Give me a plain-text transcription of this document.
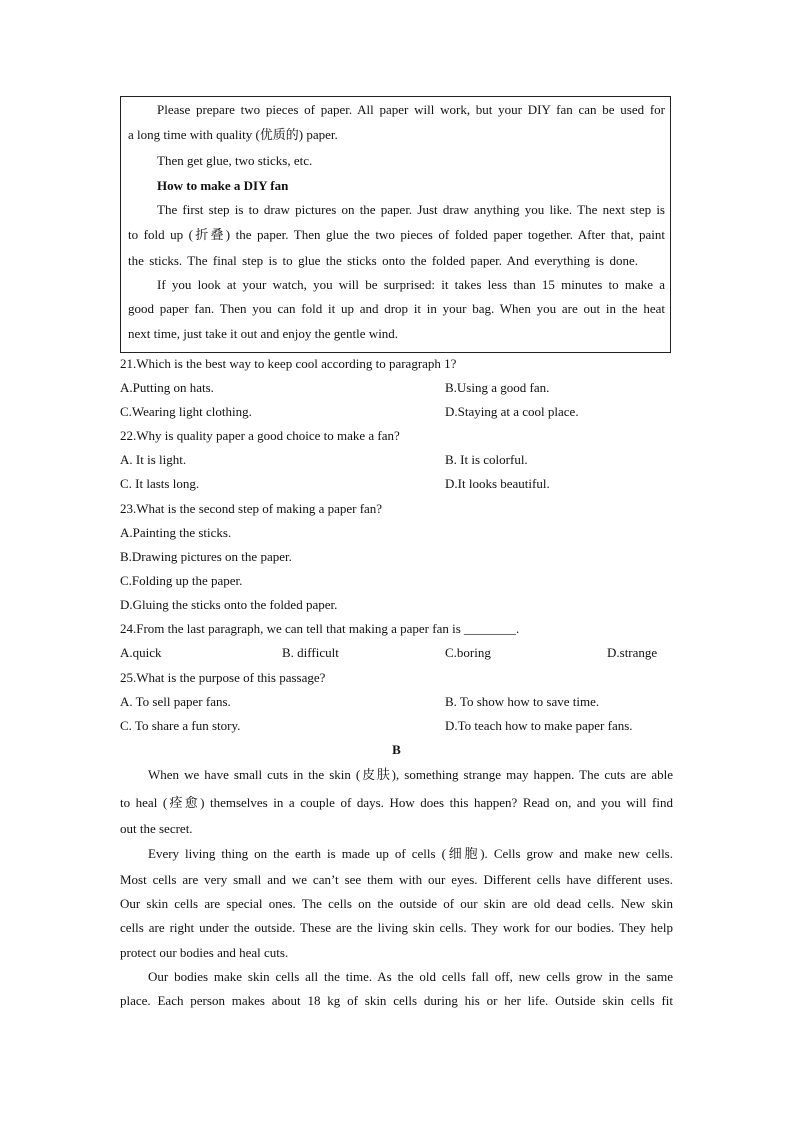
Please prepare two pieces of paper. All paper will work, but your DIY fan can be used for
a long time with quality (优质的) paper.
Then get glue, two sticks, etc.
How to make a DIY fan
The first step is to draw pictures on the paper. Just draw anything you like. The next step is
to fold up (折叠) the paper. Then glue the two pieces of folded paper together. After that, paint
the sticks. The final step is to glue the sticks onto the folded paper. And everything is done.
If you look at your watch, you will be surprised: it takes less than 15 minutes to make a
good paper fan. Then you can fold it up and drop it in your bag. When you are out in the heat
next time, just take it out and enjoy the gentle wind.
21.Which is the best way to keep cool according to paragraph 1?
A.Putting on hats.	B.Using a good fan.
C.Wearing light clothing.	D.Staying at a cool place.
22.Why is quality paper a good choice to make a fan?
A. It is light.	B. It is colorful.
C. It lasts long.	D.It looks beautiful.
23.What is the second step of making a paper fan?
A.Painting the sticks.
B.Drawing pictures on the paper.
C.Folding up the paper.
D.Gluing the sticks onto the folded paper.
24.From the last paragraph, we can tell that making a paper fan is ________.
A.quick	B. difficult	C.boring	D.strange
25.What is the purpose of this passage?
A. To sell paper fans.	B. To show how to save time.
C. To share a fun story.	D.To teach how to make paper fans.
B
When we have small cuts in the skin (皮肤), something strange may happen. The cuts are able
to heal (痊愈) themselves in a couple of days. How does this happen? Read on, and you will find
out the secret.
Every living thing on the earth is made up of cells (细胞). Cells grow and make new cells.
Most cells are very small and we can’t see them with our eyes. Different cells have different uses.
Our skin cells are special ones. The cells on the outside of our skin are old dead cells. New skin
cells are right under the outside. These are the living skin cells. They work for our bodies. They help
protect our bodies and heal cuts.
Our bodies make skin cells all the time. As the old cells fall off, new cells grow in the same
place. Each person makes about 18 kg of skin cells during his or her life. Outside skin cells fit
